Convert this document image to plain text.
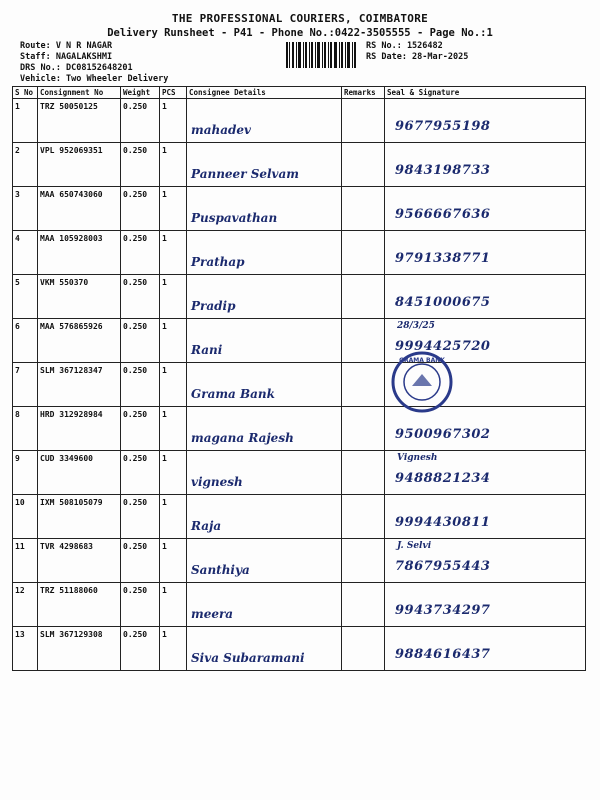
THE PROFESSIONAL COURIERS, COIMBATORE
Delivery Runsheet - P41 - Phone No.:0422-3505555 - Page No.:1
Route: V N R NAGAR
Staff: NAGALAKSHMI
DRS No.: DC08152648201
Vehicle: Two Wheeler Delivery
RS No.: 1526482
RS Date: 28-Mar-2025
S No	Consignment No	Weight	PCS	Consignee Details	Remarks	Seal & Signature
1	TRZ 50050125	0.250	1	mahadev		9677955198

2	VPL 952069351	0.250	1	Panneer Selvam		9843198733

3	MAA 650743060	0.250	1	Puspavathan		9566667636

4	MAA 105928003	0.250	1	Prathap		9791338771

5	VKM 550370	0.250	1	Pradip		8451000675

6	MAA 576865926	0.250	1	Rani		28/3/25
9994425720

7	SLM 367128347	0.250	1	Grama Bank		

8	HRD 312928984	0.250	1	magana Rajesh		9500967302

9	CUD 3349600	0.250	1	vignesh		Vignesh
9488821234

10	IXM 508105079	0.250	1	Raja		9994430811

11	TVR 4298683	0.250	1	Santhiya		J. Selvi
7867955443

12	TRZ 51188060	0.250	1	meera		9943734297

13	SLM 367129308	0.250	1	Siva Subaramani		9884616437
GRAMA BANK
